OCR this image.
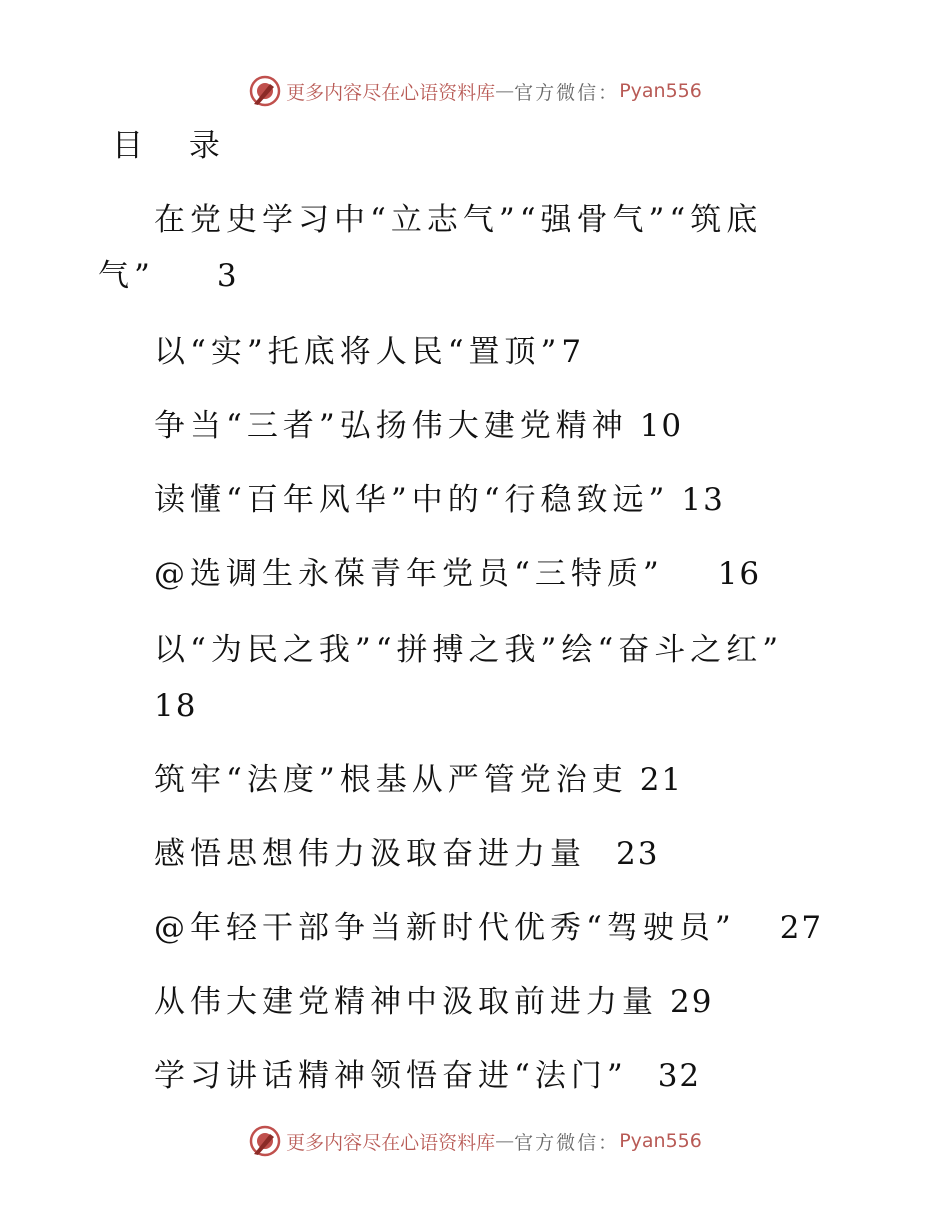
更多内容尽在心语资料库 — 官方微信： Pyan556
目 录
在党史学习中“立志气”“强骨气”“筑底
气” 3
以“实”托底将人民“置顶”7
争当“三者”弘扬伟大建党精神 10
读懂“百年风华”中的“行稳致远” 13
@选调生永葆青年党员“三特质” 16
以“为民之我”“拼搏之我”绘“奋斗之红”
18
筑牢“法度”根基从严管党治吏 21
感悟思想伟力汲取奋进力量 23
@年轻干部争当新时代优秀“驾驶员” 27
从伟大建党精神中汲取前进力量 29
学习讲话精神领悟奋进“法门” 32
更多内容尽在心语资料库 — 官方微信： Pyan556
